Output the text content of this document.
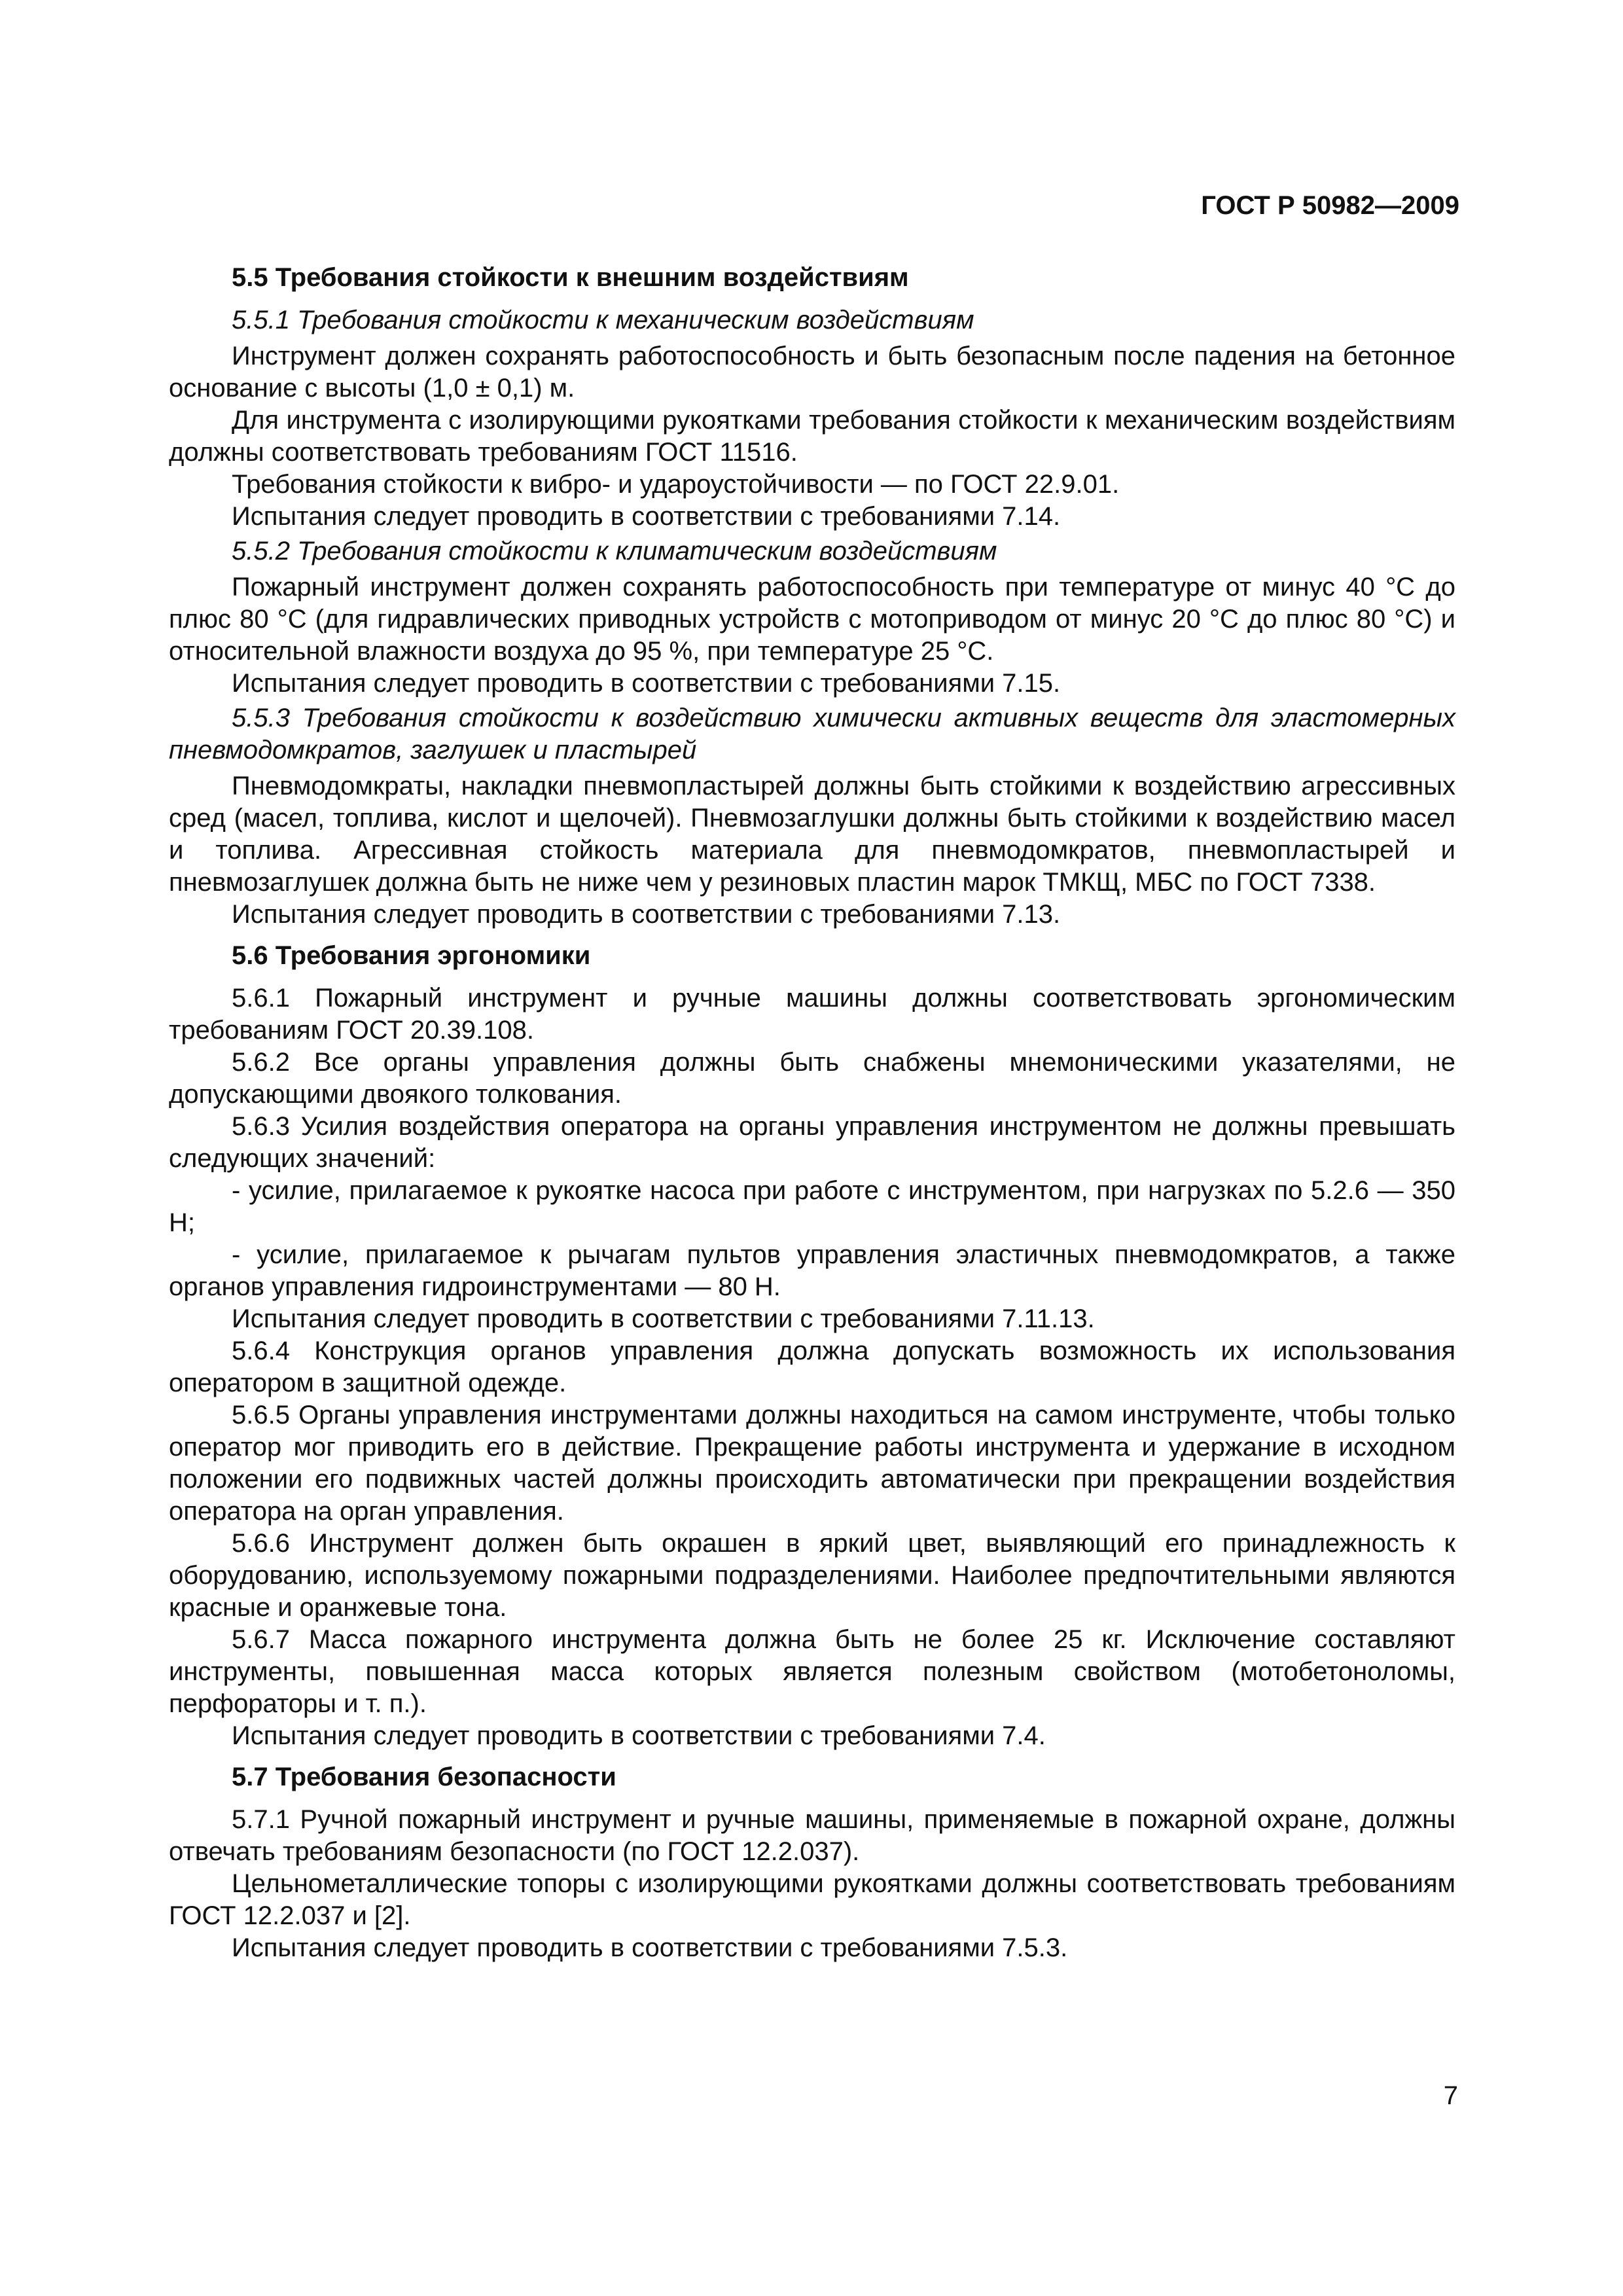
ГОСТ Р 50982—2009

5.5 Требования стойкости к внешним воздействиям

5.5.1 Требования стойкости к механическим воздействиям

Инструмент должен сохранять работоспособность и быть безопасным после падения на бетонное основание с высоты (1,0 ± 0,1) м.

Для инструмента с изолирующими рукоятками требования стойкости к механическим воздействиям должны соответствовать требованиям ГОСТ 11516.

Требования стойкости к вибро- и удароустойчивости — по ГОСТ 22.9.01.

Испытания следует проводить в соответствии с требованиями 7.14.

5.5.2 Требования стойкости к климатическим воздействиям

Пожарный инструмент должен сохранять работоспособность при температуре от минус 40 °С до плюс 80 °С (для гидравлических приводных устройств с мотоприводом от минус 20 °С до плюс 80 °С) и относительной влажности воздуха до 95 %, при температуре 25 °С.

Испытания следует проводить в соответствии с требованиями 7.15.

5.5.3 Требования стойкости к воздействию химически активных веществ для эластомерных пневмодомкратов, заглушек и пластырей

Пневмодомкраты, накладки пневмопластырей должны быть стойкими к воздействию агрессивных сред (масел, топлива, кислот и щелочей). Пневмозаглушки должны быть стойкими к воздействию масел и топлива. Агрессивная стойкость материала для пневмодомкратов, пневмопластырей и пневмозаглушек должна быть не ниже чем у резиновых пластин марок ТМКЩ, МБС по ГОСТ 7338.

Испытания следует проводить в соответствии с требованиями 7.13.

5.6 Требования эргономики

5.6.1 Пожарный инструмент и ручные машины должны соответствовать эргономическим требованиям ГОСТ 20.39.108.

5.6.2 Все органы управления должны быть снабжены мнемоническими указателями, не допускающими двоякого толкования.

5.6.3 Усилия воздействия оператора на органы управления инструментом не должны превышать следующих значений:

- усилие, прилагаемое к рукоятке насоса при работе с инструментом, при нагрузках по 5.2.6 — 350 Н;

- усилие, прилагаемое к рычагам пультов управления эластичных пневмодомкратов, а также органов управления гидроинструментами — 80 Н.

Испытания следует проводить в соответствии с требованиями 7.11.13.

5.6.4 Конструкция органов управления должна допускать возможность их использования оператором в защитной одежде.

5.6.5 Органы управления инструментами должны находиться на самом инструменте, чтобы только оператор мог приводить его в действие. Прекращение работы инструмента и удержание в исходном положении его подвижных частей должны происходить автоматически при прекращении воздействия оператора на орган управления.

5.6.6 Инструмент должен быть окрашен в яркий цвет, выявляющий его принадлежность к оборудованию, используемому пожарными подразделениями. Наиболее предпочтительными являются красные и оранжевые тона.

5.6.7 Масса пожарного инструмента должна быть не более 25 кг. Исключение составляют инструменты, повышенная масса которых является полезным свойством (мотобетоноломы, перфораторы и т. п.).

Испытания следует проводить в соответствии с требованиями 7.4.

5.7 Требования безопасности

5.7.1 Ручной пожарный инструмент и ручные машины, применяемые в пожарной охране, должны отвечать требованиям безопасности (по ГОСТ 12.2.037).

Цельнометаллические топоры с изолирующими рукоятками должны соответствовать требованиям ГОСТ 12.2.037 и [2].

Испытания следует проводить в соответствии с требованиями 7.5.3.

7
